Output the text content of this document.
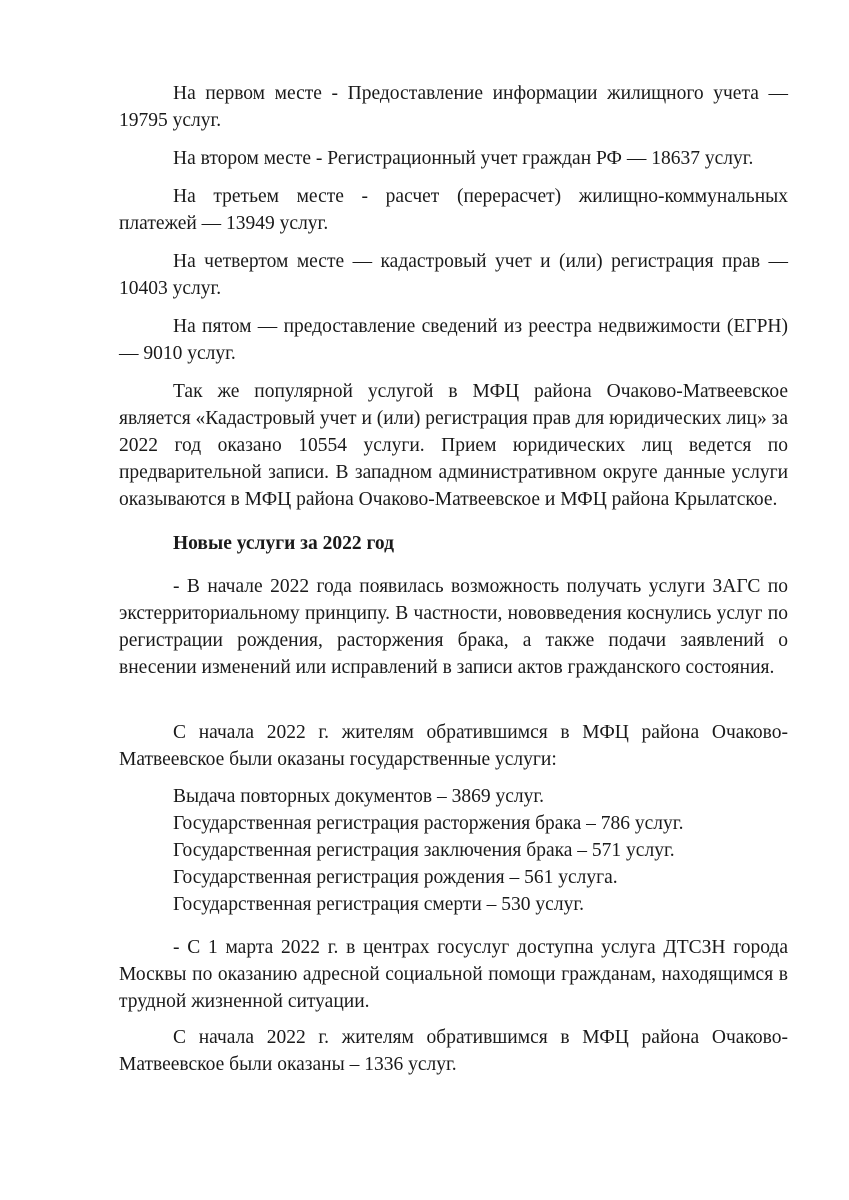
На первом месте - Предоставление информации жилищного учета — 19795 услуг.

На втором месте - Регистрационный учет граждан РФ — 18637 услуг.

На третьем месте - расчет (перерасчет) жилищно-коммунальных платежей — 13949 услуг.

На четвертом месте — кадастровый учет и (или) регистрация прав — 10403 услуг.

На пятом — предоставление сведений из реестра недвижимости (ЕГРН) — 9010 услуг.

Так же популярной услугой в МФЦ района Очаково-Матвеевское является «Кадастровый учет и (или) регистрация прав для юридических лиц» за 2022 год оказано 10554 услуги. Прием юридических лиц ведется по предварительной записи. В западном административном округе данные услуги оказываются в МФЦ района Очаково-Матвеевское и МФЦ района Крылатское.

Новые услуги за 2022 год

- В начале 2022 года появилась возможность получать услуги ЗАГС по экстерриториальному принципу. В частности, нововведения коснулись услуг по регистрации рождения, расторжения брака, а также подачи заявлений о внесении изменений или исправлений в записи актов гражданского состояния.

С начала 2022 г. жителям обратившимся в МФЦ района Очаково-Матвеевское были оказаны государственные услуги:

Выдача повторных документов – 3869 услуг.

Государственная регистрация расторжения брака – 786 услуг.

Государственная регистрация заключения брака – 571 услуг.

Государственная регистрация рождения – 561 услуга.

Государственная регистрация смерти – 530 услуг.

- С 1 марта 2022 г. в центрах госуслуг доступна услуга ДТСЗН города Москвы по оказанию адресной социальной помощи гражданам, находящимся в трудной жизненной ситуации.

С начала 2022 г. жителям обратившимся в МФЦ района Очаково-Матвеевское были оказаны – 1336 услуг.
